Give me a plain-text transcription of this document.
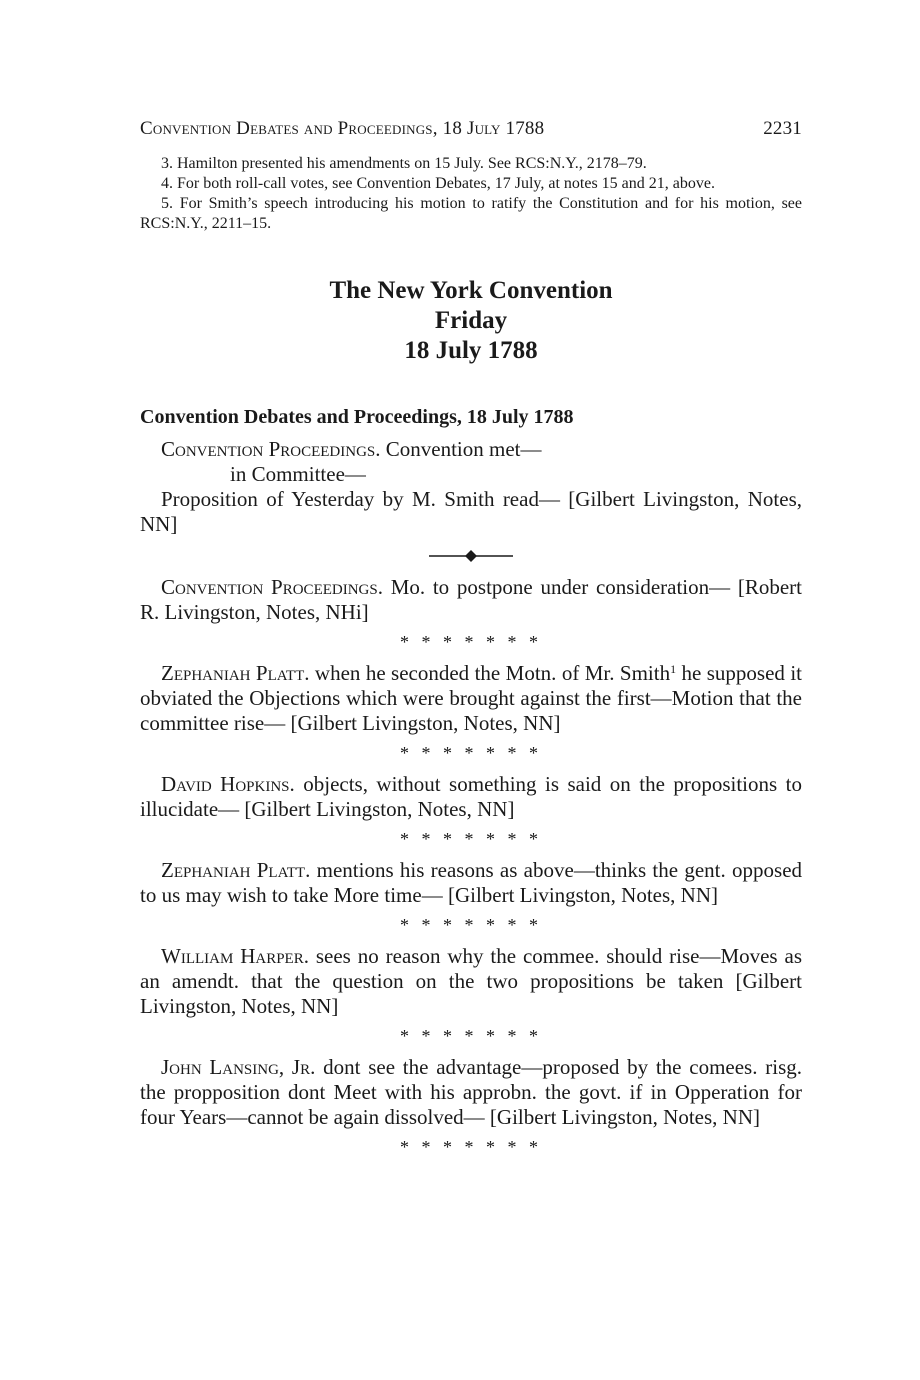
Convention Debates and Proceedings, 18 July 1788	2231

3. Hamilton presented his amendments on 15 July. See RCS:N.Y., 2178–79.

4. For both roll-call votes, see Convention Debates, 17 July, at notes 15 and 21, above.

5. For Smith’s speech introducing his motion to ratify the Constitution and for his motion, see RCS:N.Y., 2211–15.

The New York Convention
Friday
18 July 1788
Convention Debates and Proceedings, 18 July 1788

Convention Proceedings. Convention met—

in Committee—

Proposition of Yesterday by M. Smith read— [Gilbert Livingston, Notes, NN]

Convention Proceedings. Mo. to postpone under consideration— [Robert R. Livingston, Notes, NHi]

* * * * * * *

Zephaniah Platt. when he seconded the Motn. of Mr. Smith$^1$ he supposed it obviated the Objections which were brought against the first—Motion that the committee rise— [Gilbert Livingston, Notes, NN]

* * * * * * *

David Hopkins. objects, without something is said on the propositions to illucidate— [Gilbert Livingston, Notes, NN]

* * * * * * *

Zephaniah Platt. mentions his reasons as above—thinks the gent. opposed to us may wish to take More time— [Gilbert Livingston, Notes, NN]

* * * * * * *

William Harper. sees no reason why the commee. should rise—Moves as an amendt. that the question on the two propositions be taken [Gilbert Livingston, Notes, NN]

* * * * * * *

John Lansing, Jr. dont see the advantage—proposed by the comees. risg. the propposition dont Meet with his approbn. the govt. if in Opperation for four Years—cannot be again dissolved— [Gilbert Livingston, Notes, NN]

* * * * * * *
